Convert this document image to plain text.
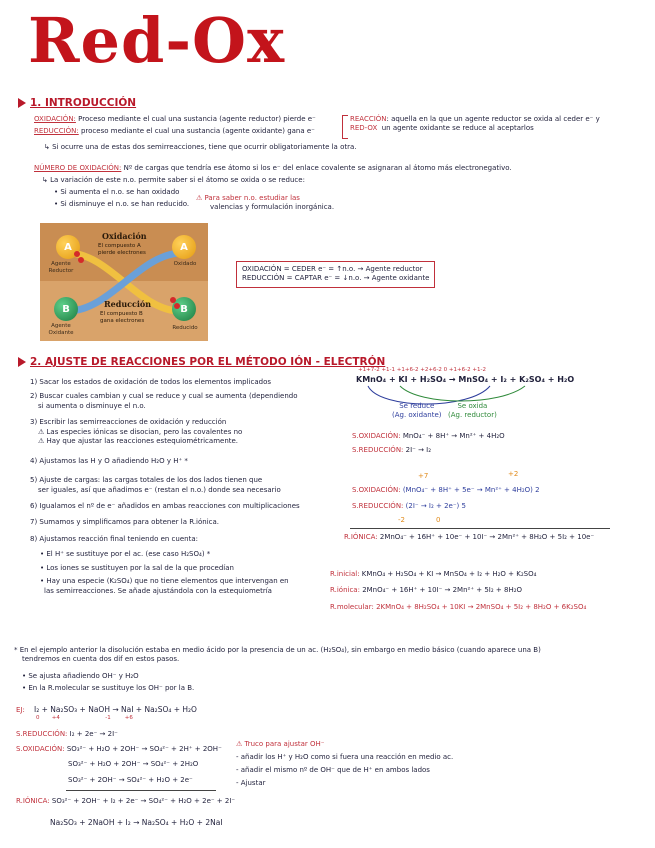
Red-Ox
1. INTRODUCCIÓN
OXIDACIÓN: Proceso mediante el cual una sustancia (agente reductor) pierde e⁻
REDUCCIÓN: proceso mediante el cual una sustancia (agente oxidante) gana e⁻
REACCIÓN: aquella en la que un agente reductor se oxida al ceder e⁻ y
RED-OX un agente oxidante se reduce al aceptarlos
↳ Si ocurre una de estas dos semirreacciones, tiene que ocurrir obligatoriamente la otra.
NÚMERO DE OXIDACIÓN: Nº de cargas que tendría ese átomo si los e⁻ del enlace covalente se asignaran al átomo más electronegativo.
↳ La variación de este n.o. permite saber si el átomo se oxida o se reduce:
• Si aumenta el n.o. se han oxidado
• Si disminuye el n.o. se han reducido.
⚠ Para saber n.o. estudiar las
valencias y formulación inorgánica.
A	A
B	B
Oxidación
El compuesto A
pierde electrones
Reducción
El compuesto B
gana electrones
Agente Reductor
Oxidado
Agente Oxidante
Reducido
OXIDACIÓN = CEDER e⁻ = ↑n.o. → Agente reductor
REDUCCIÓN = CAPTAR e⁻ = ↓n.o. → Agente oxidante
2. AJUSTE DE REACCIONES POR EL MÉTODO IÓN - ELECTRÓN
1) Sacar los estados de oxidación de todos los elementos implicados
2) Buscar cuales cambian y cual se reduce y cual se aumenta (dependiendo
si aumenta o disminuye el n.o.
3) Escribir las semirreacciones de oxidación y reducción
⚠ Las especies iónicas se disocian, pero las covalentes no
⚠ Hay que ajustar las reacciones estequiométricamente.
4) Ajustamos las H y O añadiendo H₂O y H⁺ *
5) Ajuste de cargas: las cargas totales de los dos lados tienen que
ser iguales, así que añadimos e⁻ (restan el n.o.) donde sea necesario
6) Igualamos el nº de e⁻ añadidos en ambas reacciones con multiplicaciones
7) Sumamos y simplificamos para obtener la R.iónica.
8) Ajustamos reacción final teniendo en cuenta:
• El H⁺ se sustituye por el ac. (ese caso H₂SO₄) *
• Los iones se sustituyen por la sal de la que procedían
• Hay una especie (K₂SO₄) que no tiene elementos que intervengan en
las semirreacciones. Se añade ajustándola con la estequiometría
+1+7-2 +1-1 +1+6-2 +2+6-2 0 +1+6-2 +1-2
KMnO₄ + KI + H₂SO₄ → MnSO₄ + I₂ + K₂SO₄ + H₂O
Se reduce
(Ag. oxidante)
Se oxida
(Ag. reductor)
S.OXIDACIÓN: MnO₄⁻ + 8H⁺ → Mn²⁺ + 4H₂O
S.REDUCCIÓN: 2I⁻ → I₂
+7	+2
S.OXIDACIÓN: (MnO₄⁻ + 8H⁺ + 5e⁻ → Mn²⁺ + 4H₂O) 2
S.REDUCCIÓN: (2I⁻ → I₂ + 2e⁻) 5
-2	0
R.IÓNICA: 2MnO₄⁻ + 16H⁺ + 10e⁻ + 10I⁻ → 2Mn²⁺ + 8H₂O + 5I₂ + 10e⁻
R.inicial: KMnO₄ + H₂SO₄ + KI → MnSO₄ + I₂ + H₂O + K₂SO₄
R.iónica: 2MnO₄⁻ + 16H⁺ + 10I⁻ → 2Mn²⁺ + 5I₂ + 8H₂O
R.molecular: 2KMnO₄ + 8H₂SO₄ + 10KI → 2MnSO₄ + 5I₂ + 8H₂O + 6K₂SO₄
* En el ejemplo anterior la disolución estaba en medio ácido por la presencia de un ac. (H₂SO₄), sin embargo en medio básico (cuando aparece una B)
tendremos en cuenta dos dif en estos pasos.
• Se ajusta añadiendo OH⁻ y H₂O
• En la R.molecular se sustituye los OH⁻ por la B.
EJ: I₂ + Na₂SO₃ + NaOH → NaI + Na₂SO₄ + H₂O
0       +4                          -1        +6
S.REDUCCIÓN: I₂ + 2e⁻ → 2I⁻
S.OXIDACIÓN: SO₃²⁻ + H₂O + 2OH⁻ → SO₄²⁻ + 2H⁺ + 2OH⁻
SO₃²⁻ + H₂O + 2OH⁻ → SO₄²⁻ + 2H₂O
SO₃²⁻ + 2OH⁻ → SO₄²⁻ + H₂O + 2e⁻
⚠ Truco para ajustar OH⁻
- añadir los H⁺ y H₂O como si fuera una reacción en medio ac.
- añadir el mismo nº de OH⁻ que de H⁺ en ambos lados
- Ajustar
R.IÓNICA: SO₃²⁻ + 2OH⁻ + I₂ + 2e⁻ → SO₄²⁻ + H₂O + 2e⁻ + 2I⁻
Na₂SO₃ + 2NaOH + I₂ → Na₂SO₄ + H₂O + 2NaI
